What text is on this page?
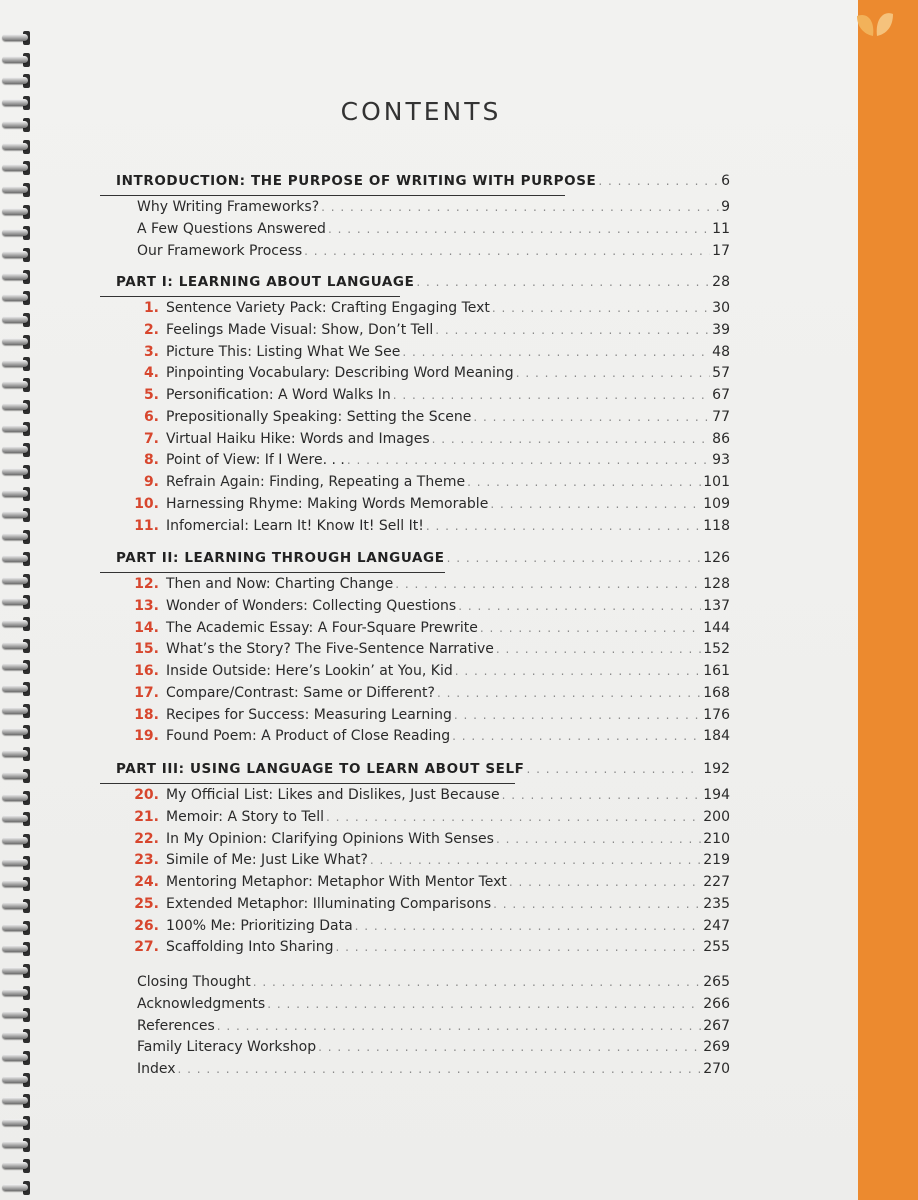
CONTENTS
INTRODUCTION: THE PURPOSE OF WRITING WITH PURPOSE . . .	6
Why Writing Frameworks? . . .	9
A Few Questions Answered . . .	11
Our Framework Process . . .	17
PART I: LEARNING ABOUT LANGUAGE . . .	28
1. Sentence Variety Pack: Crafting Engaging Text . . .	30
2. Feelings Made Visual: Show, Don’t Tell . . .	39
3. Picture This: Listing What We See . . .	48
4. Pinpointing Vocabulary: Describing Word Meaning . . .	57
5. Personification: A Word Walks In . . .	67
6. Prepositionally Speaking: Setting the Scene . . .	77
7. Virtual Haiku Hike: Words and Images . . .	86
8. Point of View: If I Were. . . . . .	93
9. Refrain Again: Finding, Repeating a Theme . . .	101
10. Harnessing Rhyme: Making Words Memorable . . .	109
11. Infomercial: Learn It! Know It! Sell It! . . .	118
PART II: LEARNING THROUGH LANGUAGE . . .	126
12. Then and Now: Charting Change . . .	128
13. Wonder of Wonders: Collecting Questions . . .	137
14. The Academic Essay: A Four-Square Prewrite . . .	144
15. What’s the Story? The Five-Sentence Narrative . . .	152
16. Inside Outside: Here’s Lookin’ at You, Kid . . .	161
17. Compare/Contrast: Same or Different? . . .	168
18. Recipes for Success: Measuring Learning . . .	176
19. Found Poem: A Product of Close Reading . . .	184
PART III: USING LANGUAGE TO LEARN ABOUT SELF . . .	192
20. My Official List: Likes and Dislikes, Just Because . . .	194
21. Memoir: A Story to Tell . . .	200
22. In My Opinion: Clarifying Opinions With Senses . . .	210
23. Simile of Me: Just Like What? . . .	219
24. Mentoring Metaphor: Metaphor With Mentor Text . . .	227
25. Extended Metaphor: Illuminating Comparisons . . .	235
26. 100% Me: Prioritizing Data . . .	247
27. Scaffolding Into Sharing . . .	255
Closing Thought . . .	265
Acknowledgments . . .	266
References . . .	267
Family Literacy Workshop . . .	269
Index . . .	270
